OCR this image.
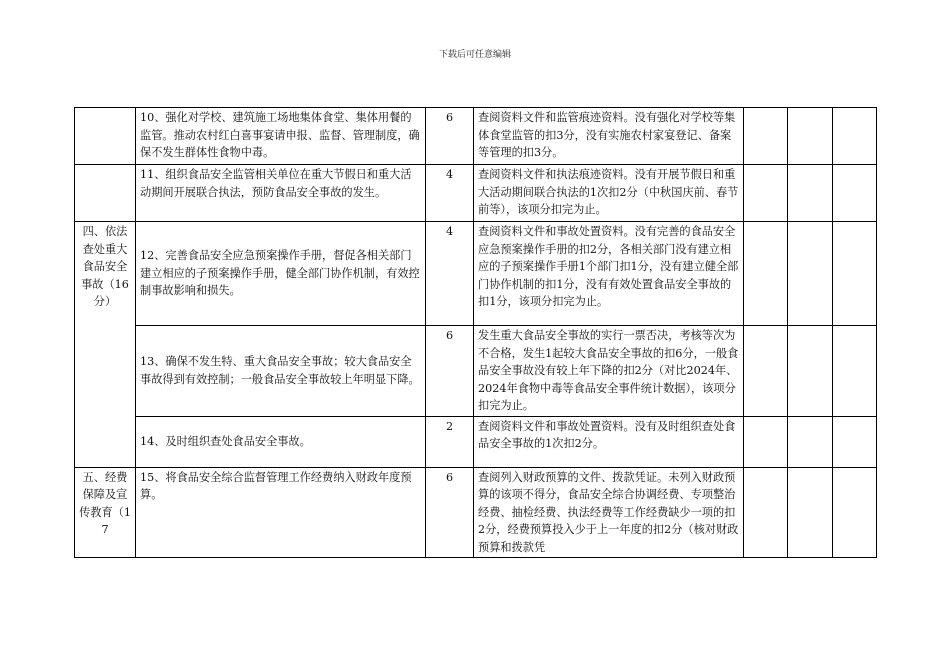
下载后可任意编辑
	10、强化对学校、建筑施工场地集体食堂、集体用餐的监管。推动农村红白喜事宴请申报、监督、管理制度，确保不发生群体性食物中毒。	6	查阅资料文件和监管痕迹资料。没有强化对学校等集体食堂监管的扣3分，没有实施农村家宴登记、备案等管理的扣3分。			
	11、组织食品安全监管相关单位在重大节假日和重大活动期间开展联合执法，预防食品安全事故的发生。	4	查阅资料文件和执法痕迹资料。没有开展节假日和重大活动期间联合执法的1次扣2分（中秋国庆前、春节前等），该项分扣完为止。			
四、依法查处重大食品安全事故（16分）	12、完善食品安全应急预案操作手册，督促各相关部门建立相应的子预案操作手册，健全部门协作机制，有效控制事故影响和损失。	4	查阅资料文件和事故处置资料。没有完善的食品安全应急预案操作手册的扣2分，各相关部门没有建立相应的子预案操作手册1个部门扣1分，没有建立健全部门协作机制的扣1分，没有有效处置食品安全事故的扣1分，该项分扣完为止。			
	13、确保不发生特、重大食品安全事故；较大食品安全事故得到有效控制；一般食品安全事故较上年明显下降。	6	发生重大食品安全事故的实行一票否决，考核等次为不合格，发生1起较大食品安全事故的扣6分，一般食品安全事故没有较上年下降的扣2分（对比2024年、2024年食物中毒等食品安全事件统计数据），该项分扣完为止。			
	14、及时组织查处食品安全事故。	2	查阅资料文件和事故处置资料。没有及时组织查处食品安全事故的1次扣2分。			

五、经费保障及宣传教育（17	15、将食品安全综合监督管理工作经费纳入财政年度预算。	6	查阅列入财政预算的文件、拨款凭证。未列入财政预算的该项不得分，食品安全综合协调经费、专项整治经费、抽检经费、执法经费等工作经费缺少一项的扣2分，经费预算投入少于上一年度的扣2分（核对财政预算和拨款凭			
